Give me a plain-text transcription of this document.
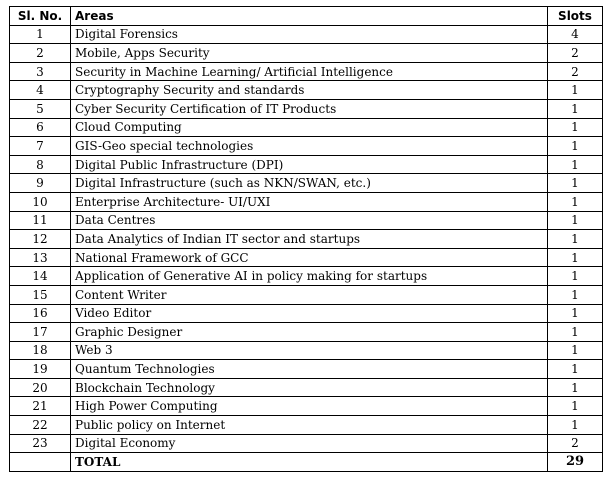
Sl. No.	Areas	Slots
1	Digital Forensics	4
2	Mobile, Apps Security	2
3	Security in Machine Learning/ Artificial Intelligence	2
4	Cryptography Security and standards	1
5	Cyber Security Certification of IT Products	1
6	Cloud Computing	1
7	GIS-Geo special technologies	1
8	Digital Public Infrastructure (DPI)	1
9	Digital Infrastructure (such as NKN/SWAN, etc.)	1
10	Enterprise Architecture- UI/UXI	1
11	Data Centres	1
12	Data Analytics of Indian IT sector and startups	1
13	National Framework of GCC	1
14	Application of Generative AI in policy making for startups	1
15	Content Writer	1
16	Video Editor	1
17	Graphic Designer	1
18	Web 3	1
19	Quantum Technologies	1
20	Blockchain Technology	1
21	High Power Computing	1
22	Public policy on Internet	1
23	Digital Economy	2
	TOTAL	29
